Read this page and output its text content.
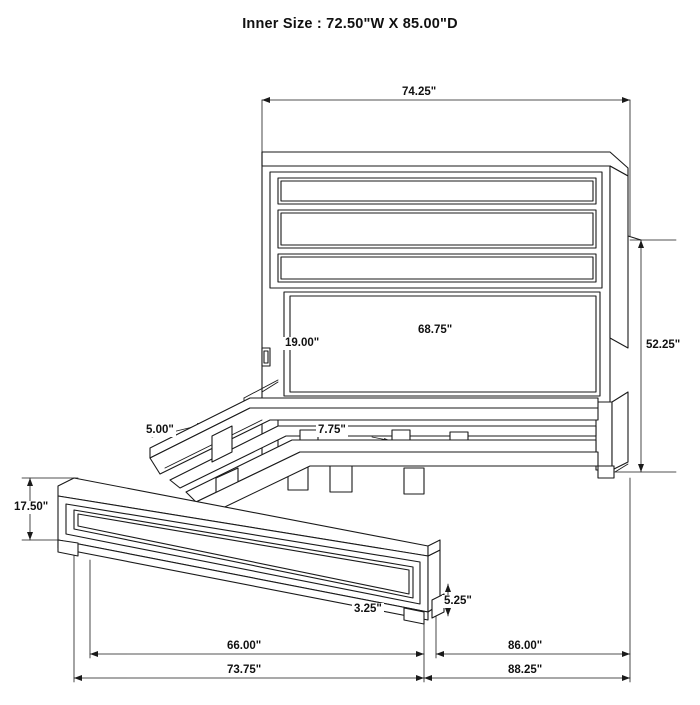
Inner Size : 72.50"W X 85.00"D
74.25"
68.75"
52.25"
19.00"
5.00"	7.75"
17.50"
3.25"
5.25"
66.00"	86.00"
73.75"	88.25"
